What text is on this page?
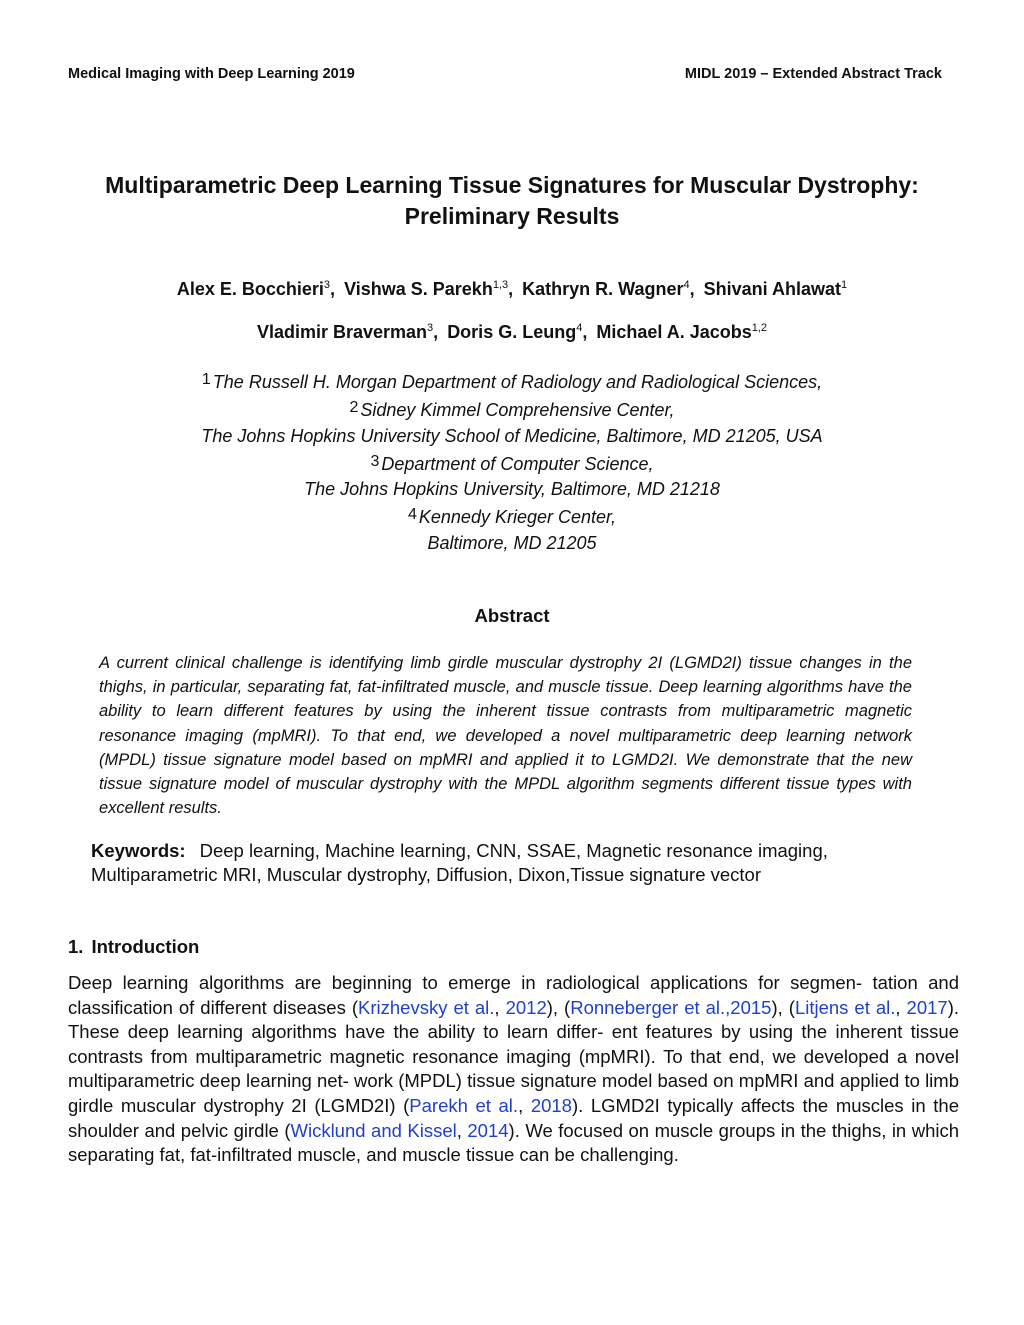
Medical Imaging with Deep Learning 2019	MIDL 2019 – Extended Abstract Track
Multiparametric Deep Learning Tissue Signatures for Muscular Dystrophy:
Preliminary Results
Alex E. Bocchieri$^3$, Vishwa S. Parekh$^{1,3}$, Kathryn R. Wagner$^4$, Shivani Ahlawat$^1$
Vladimir Braverman$^3$, Doris G. Leung$^4$, Michael A. Jacobs$^{1,2}$
$^1$ The Russell H. Morgan Department of Radiology and Radiological Sciences,
$^2$ Sidney Kimmel Comprehensive Center,
The Johns Hopkins University School of Medicine, Baltimore, MD 21205, USA
$^3$ Department of Computer Science,
The Johns Hopkins University, Baltimore, MD 21218
$^4$ Kennedy Krieger Center,
Baltimore, MD 21205
Abstract
A current clinical challenge is identifying limb girdle muscular dystrophy 2I (LGMD2I) tissue changes in the thighs, in particular, separating fat, fat-infiltrated muscle, and muscle tissue. Deep learning algorithms have the ability to learn different features by using the inherent tissue contrasts from multiparametric magnetic resonance imaging (mpMRI). To that end, we developed a novel multiparametric deep learning network (MPDL) tissue signature model based on mpMRI and applied it to LGMD2I. We demonstrate that the new tissue signature model of muscular dystrophy with the MPDL algorithm segments different tissue types with excellent results.
Keywords: Deep learning, Machine learning, CNN, SSAE, Magnetic resonance imaging, Multiparametric MRI, Muscular dystrophy, Diffusion, Dixon,Tissue signature vector
1. Introduction
Deep learning algorithms are beginning to emerge in radiological applications for segmen- tation and classification of different diseases (Krizhevsky et al., 2012), (Ronneberger et al.,2015), (Litjens et al., 2017). These deep learning algorithms have the ability to learn differ- ent features by using the inherent tissue contrasts from multiparametric magnetic resonance imaging (mpMRI). To that end, we developed a novel multiparametric deep learning net- work (MPDL) tissue signature model based on mpMRI and applied to limb girdle muscular dystrophy 2I (LGMD2I) (Parekh et al., 2018). LGMD2I typically affects the muscles in the shoulder and pelvic girdle (Wicklund and Kissel, 2014). We focused on muscle groups in the thighs, in which separating fat, fat-infiltrated muscle, and muscle tissue can be challenging.
